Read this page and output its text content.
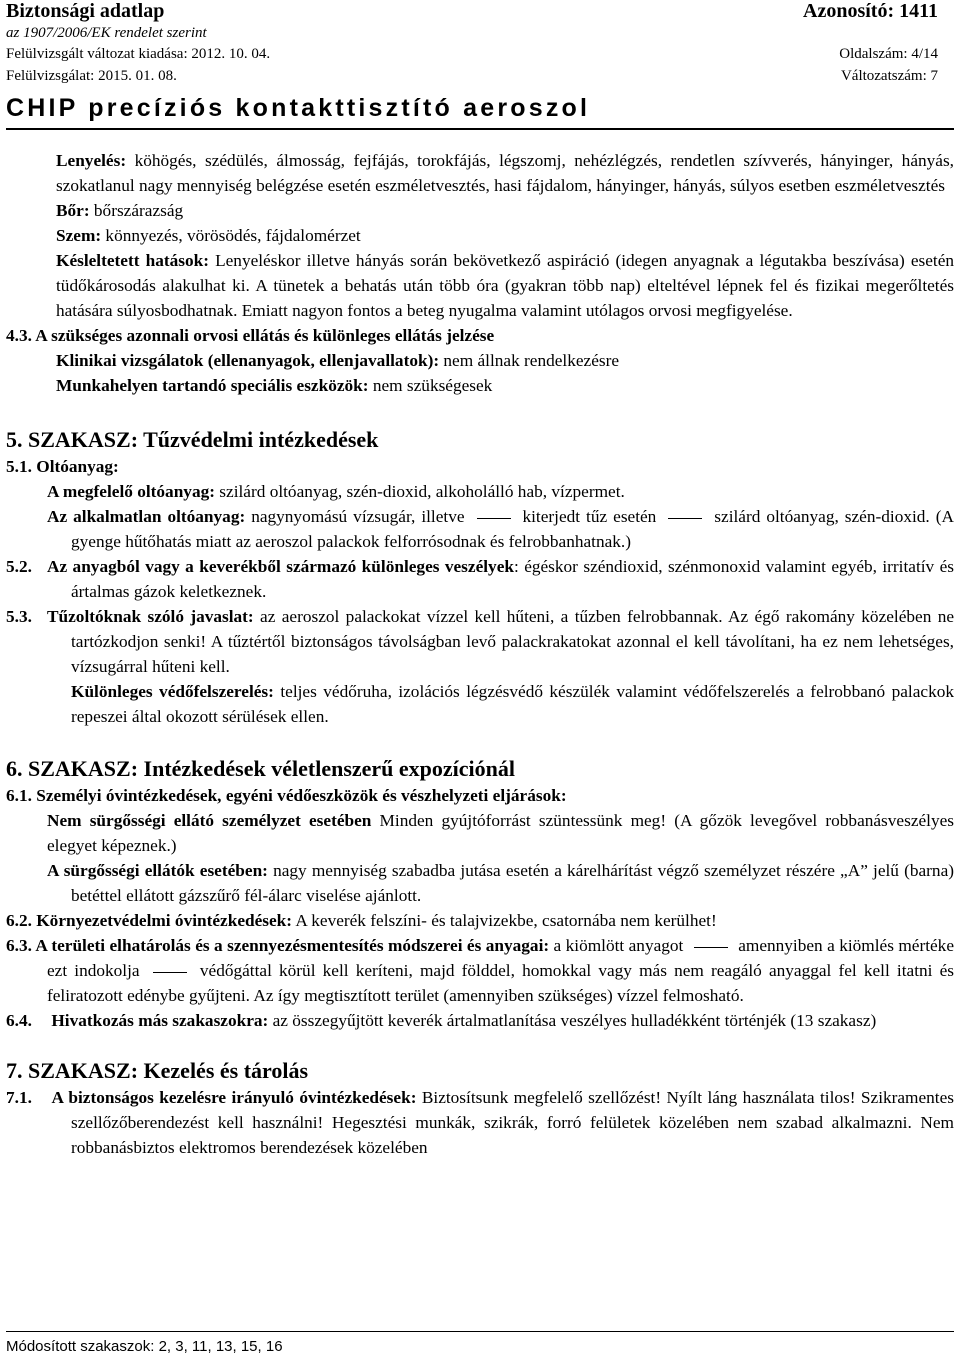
Biztonsági adatlap	Azonosító: 1411
az 1907/2006/EK rendelet szerint
Felülvizsgált változat kiadása: 2012. 10. 04.	Oldalszám: 4/14
Felülvizsgálat: 2015. 01. 08.	Változatszám: 7
CHIP precíziós kontakttisztító aeroszol

Lenyelés: köhögés, szédülés, álmosság, fejfájás, torokfájás, légszomj, nehézlégzés, rendetlen szívverés, hányinger, hányás, szokatlanul nagy mennyiség belégzése esetén eszméletvesztés, hasi fájdalom, hányinger, hányás, súlyos esetben eszméletvesztés

Bőr: bőrszárazság

Szem: könnyezés, vörösödés, fájdalomérzet

Késleltetett hatások: Lenyeléskor illetve hányás során bekövetkező aspiráció (idegen anyagnak a légutakba beszívása) esetén tüdőkárosodás alakulhat ki. A tünetek a behatás után több óra (gyakran több nap) elteltével lépnek fel és fizikai megerőltetés hatására súlyosbodhatnak. Emiatt nagyon fontos a beteg nyugalma valamint utólagos orvosi megfigyelése.

4.3. A szükséges azonnali orvosi ellátás és különleges ellátás jelzése

Klinikai vizsgálatok (ellenanyagok, ellenjavallatok): nem állnak rendelkezésre

Munkahelyen tartandó speciális eszközök: nem szükségesek

5. SZAKASZ: Tűzvédelmi intézkedések

5.1. Oltóanyag:

A megfelelő oltóanyag: szilárd oltóanyag, szén-dioxid, alkoholálló hab, vízpermet.

Az alkalmatlan oltóanyag: nagynyomású vízsugár, illetve	kiterjedt tűz esetén	szilárd oltóanyag, szén-dioxid. (A gyenge hűtőhatás miatt az aeroszol palackok felforrósodnak és felrobbanhatnak.)

5.2. Az anyagból vagy a keverékből származó különleges veszélyek: égéskor széndioxid, szénmonoxid valamint egyéb, irritatív és ártalmas gázok keletkeznek.

5.3. Tűzoltóknak szóló javaslat: az aeroszol palackokat vízzel kell hűteni, a tűzben felrobbannak. Az égő rakomány közelében ne tartózkodjon senki! A tűztértől biztonságos távolságban levő palackrakatokat azonnal el kell távolítani, ha ez nem lehetséges, vízsugárral hűteni kell.

Különleges védőfelszerelés: teljes védőruha, izolációs légzésvédő készülék valamint védőfelszerelés a felrobbanó palackok repeszei által okozott sérülések ellen.

6. SZAKASZ: Intézkedések véletlenszerű expozíciónál

6.1. Személyi óvintézkedések, egyéni védőeszközök és vészhelyzeti eljárások:

Nem sürgősségi ellátó személyzet esetében Minden gyújtóforrást szüntessünk meg! (A gőzök levegővel robbanásveszélyes elegyet képeznek.)

A sürgősségi ellátók esetében: nagy mennyiség szabadba jutása esetén a kárelhárítást végző személyzet részére „A” jelű (barna) betéttel ellátott gázszűrő fél-álarc viselése ajánlott.

6.2. Környezetvédelmi óvintézkedések: A keverék felszíni- és talajvizekbe, csatornába nem kerülhet!

6.3. A területi elhatárolás és a szennyezésmentesítés módszerei és anyagai: a kiömlött anyagot	amennyiben a kiömlés mértéke ezt indokolja	védőgáttal körül kell keríteni, majd földdel, homokkal vagy más nem reagáló anyaggal fel kell itatni és feliratozott edénybe gyűjteni. Az így megtisztított terület (amennyiben szükséges) vízzel felmosható.

6.4. Hivatkozás más szakaszokra: az összegyűjtött keverék ártalmatlanítása veszélyes hulladékként történjék (13 szakasz)

7. SZAKASZ: Kezelés és tárolás

7.1. A biztonságos kezelésre irányuló óvintézkedések: Biztosítsunk megfelelő szellőzést! Nyílt láng használata tilos! Szikramentes szellőzőberendezést kell használni! Hegesztési munkák, szikrák, forró felületek közelében nem szabad alkalmazni. Nem robbanásbiztos elektromos berendezések közelében

Módosított szakaszok: 2, 3, 11, 13, 15, 16
